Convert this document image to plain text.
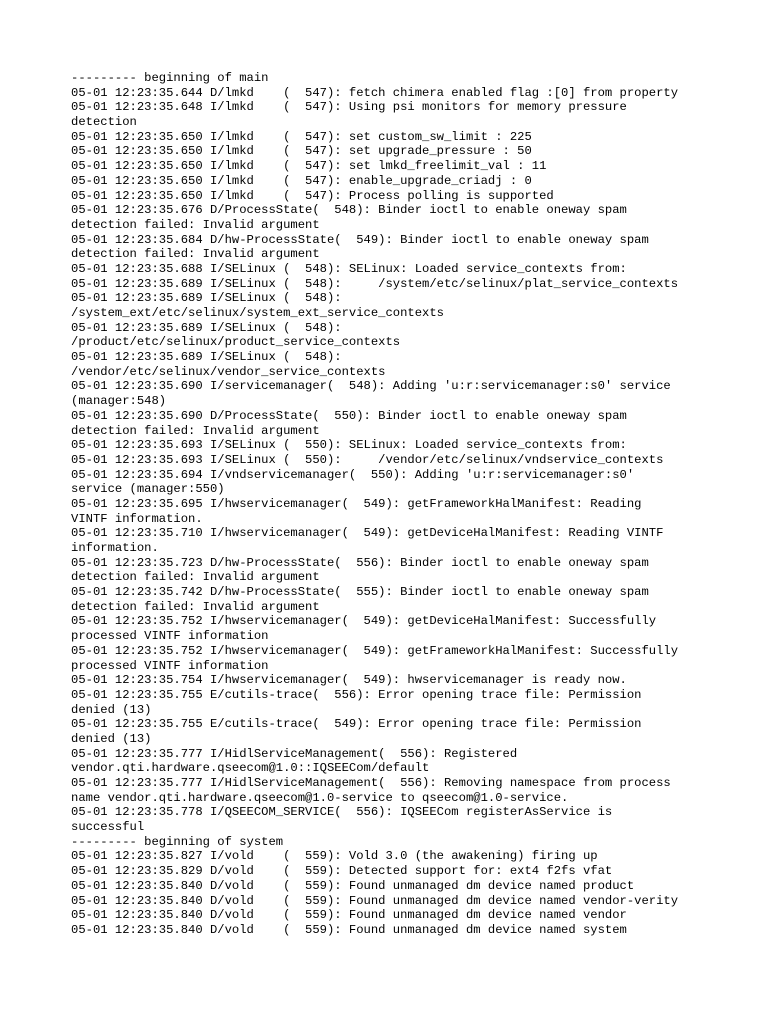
--------- beginning of main
05-01 12:23:35.644 D/lmkd    (  547): fetch chimera enabled flag :[0] from property
05-01 12:23:35.648 I/lmkd    (  547): Using psi monitors for memory pressure
detection
05-01 12:23:35.650 I/lmkd    (  547): set custom_sw_limit : 225
05-01 12:23:35.650 I/lmkd    (  547): set upgrade_pressure : 50
05-01 12:23:35.650 I/lmkd    (  547): set lmkd_freelimit_val : 11
05-01 12:23:35.650 I/lmkd    (  547): enable_upgrade_criadj : 0
05-01 12:23:35.650 I/lmkd    (  547): Process polling is supported
05-01 12:23:35.676 D/ProcessState(  548): Binder ioctl to enable oneway spam
detection failed: Invalid argument
05-01 12:23:35.684 D/hw-ProcessState(  549): Binder ioctl to enable oneway spam
detection failed: Invalid argument
05-01 12:23:35.688 I/SELinux (  548): SELinux: Loaded service_contexts from:
05-01 12:23:35.689 I/SELinux (  548):     /system/etc/selinux/plat_service_contexts
05-01 12:23:35.689 I/SELinux (  548):
/system_ext/etc/selinux/system_ext_service_contexts
05-01 12:23:35.689 I/SELinux (  548):
/product/etc/selinux/product_service_contexts
05-01 12:23:35.689 I/SELinux (  548):
/vendor/etc/selinux/vendor_service_contexts
05-01 12:23:35.690 I/servicemanager(  548): Adding 'u:r:servicemanager:s0' service
(manager:548)
05-01 12:23:35.690 D/ProcessState(  550): Binder ioctl to enable oneway spam
detection failed: Invalid argument
05-01 12:23:35.693 I/SELinux (  550): SELinux: Loaded service_contexts from:
05-01 12:23:35.693 I/SELinux (  550):     /vendor/etc/selinux/vndservice_contexts
05-01 12:23:35.694 I/vndservicemanager(  550): Adding 'u:r:servicemanager:s0'
service (manager:550)
05-01 12:23:35.695 I/hwservicemanager(  549): getFrameworkHalManifest: Reading
VINTF information.
05-01 12:23:35.710 I/hwservicemanager(  549): getDeviceHalManifest: Reading VINTF
information.
05-01 12:23:35.723 D/hw-ProcessState(  556): Binder ioctl to enable oneway spam
detection failed: Invalid argument
05-01 12:23:35.742 D/hw-ProcessState(  555): Binder ioctl to enable oneway spam
detection failed: Invalid argument
05-01 12:23:35.752 I/hwservicemanager(  549): getDeviceHalManifest: Successfully
processed VINTF information
05-01 12:23:35.752 I/hwservicemanager(  549): getFrameworkHalManifest: Successfully
processed VINTF information
05-01 12:23:35.754 I/hwservicemanager(  549): hwservicemanager is ready now.
05-01 12:23:35.755 E/cutils-trace(  556): Error opening trace file: Permission
denied (13)
05-01 12:23:35.755 E/cutils-trace(  549): Error opening trace file: Permission
denied (13)
05-01 12:23:35.777 I/HidlServiceManagement(  556): Registered
vendor.qti.hardware.qseecom@1.0::IQSEECom/default
05-01 12:23:35.777 I/HidlServiceManagement(  556): Removing namespace from process
name vendor.qti.hardware.qseecom@1.0-service to qseecom@1.0-service.
05-01 12:23:35.778 I/QSEECOM_SERVICE(  556): IQSEECom registerAsService is
successful
--------- beginning of system
05-01 12:23:35.827 I/vold    (  559): Vold 3.0 (the awakening) firing up
05-01 12:23:35.829 D/vold    (  559): Detected support for: ext4 f2fs vfat
05-01 12:23:35.840 D/vold    (  559): Found unmanaged dm device named product
05-01 12:23:35.840 D/vold    (  559): Found unmanaged dm device named vendor-verity
05-01 12:23:35.840 D/vold    (  559): Found unmanaged dm device named vendor
05-01 12:23:35.840 D/vold    (  559): Found unmanaged dm device named system
